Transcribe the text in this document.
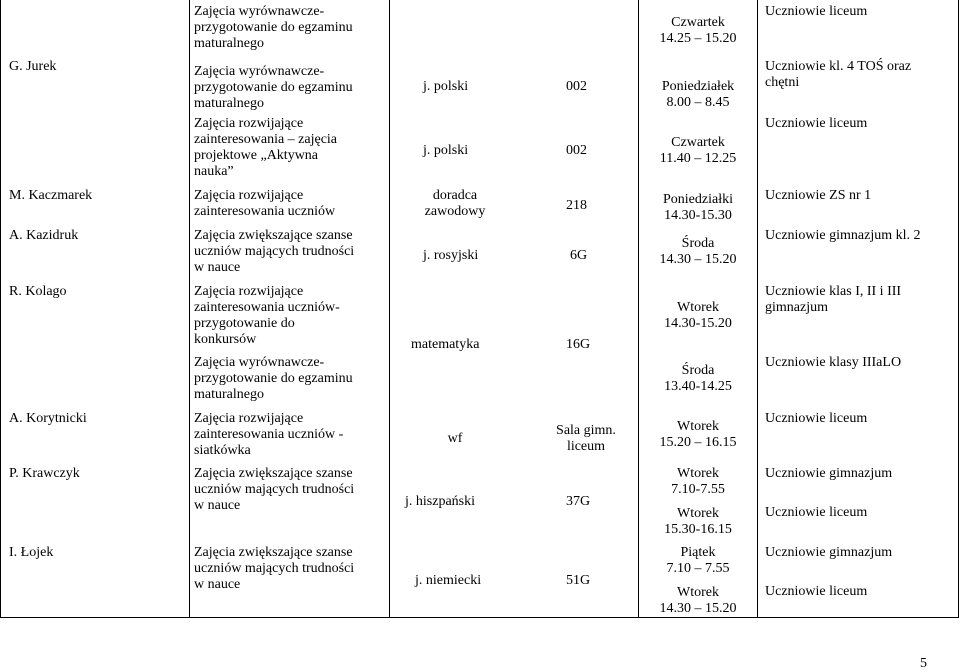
G. Jurek
M. Kaczmarek
A. Kazidruk
R. Kolago
A. Korytnicki
P. Krawczyk
I. Łojek
Zajęcia wyrównawcze-
przygotowanie do egzaminu
maturalnego
Zajęcia wyrównawcze-
przygotowanie do egzaminu
maturalnego
Zajęcia rozwijające
zainteresowania – zajęcia
projektowe „Aktywna
nauka”
Zajęcia rozwijające
zainteresowania uczniów
Zajęcia zwiększające szanse
uczniów mających trudności
w nauce
Zajęcia rozwijające
zainteresowania uczniów-
przygotowanie do
konkursów
Zajęcia wyrównawcze-
przygotowanie do egzaminu
maturalnego
Zajęcia rozwijające
zainteresowania uczniów -
siatkówka
Zajęcia zwiększające szanse
uczniów mających trudności
w nauce
Zajęcia zwiększające szanse
uczniów mających trudności
w nauce
j. polski
j. polski
doradca
zawodowy
j. rosyjski
matematyka
wf
j. hiszpański
j. niemiecki
002
002
218
6G
16G
Sala gimn.
liceum
37G
51G
Czwartek
14.25 – 15.20
Poniedziałek
8.00 – 8.45
Czwartek
11.40 – 12.25
Poniedziałki
14.30-15.30
Środa
14.30 – 15.20
Wtorek
14.30-15.20
Środa
13.40-14.25
Wtorek
15.20 – 16.15
Wtorek
7.10-7.55
Wtorek
15.30-16.15
Piątek
7.10 – 7.55
Wtorek
14.30 – 15.20
Uczniowie liceum
Uczniowie kl. 4 TOŚ oraz
chętni
Uczniowie liceum
Uczniowie ZS nr 1
Uczniowie gimnazjum kl. 2
Uczniowie klas I, II i III
gimnazjum
Uczniowie klasy IIIaLO
Uczniowie liceum
Uczniowie gimnazjum
Uczniowie liceum
Uczniowie gimnazjum
Uczniowie liceum
5
